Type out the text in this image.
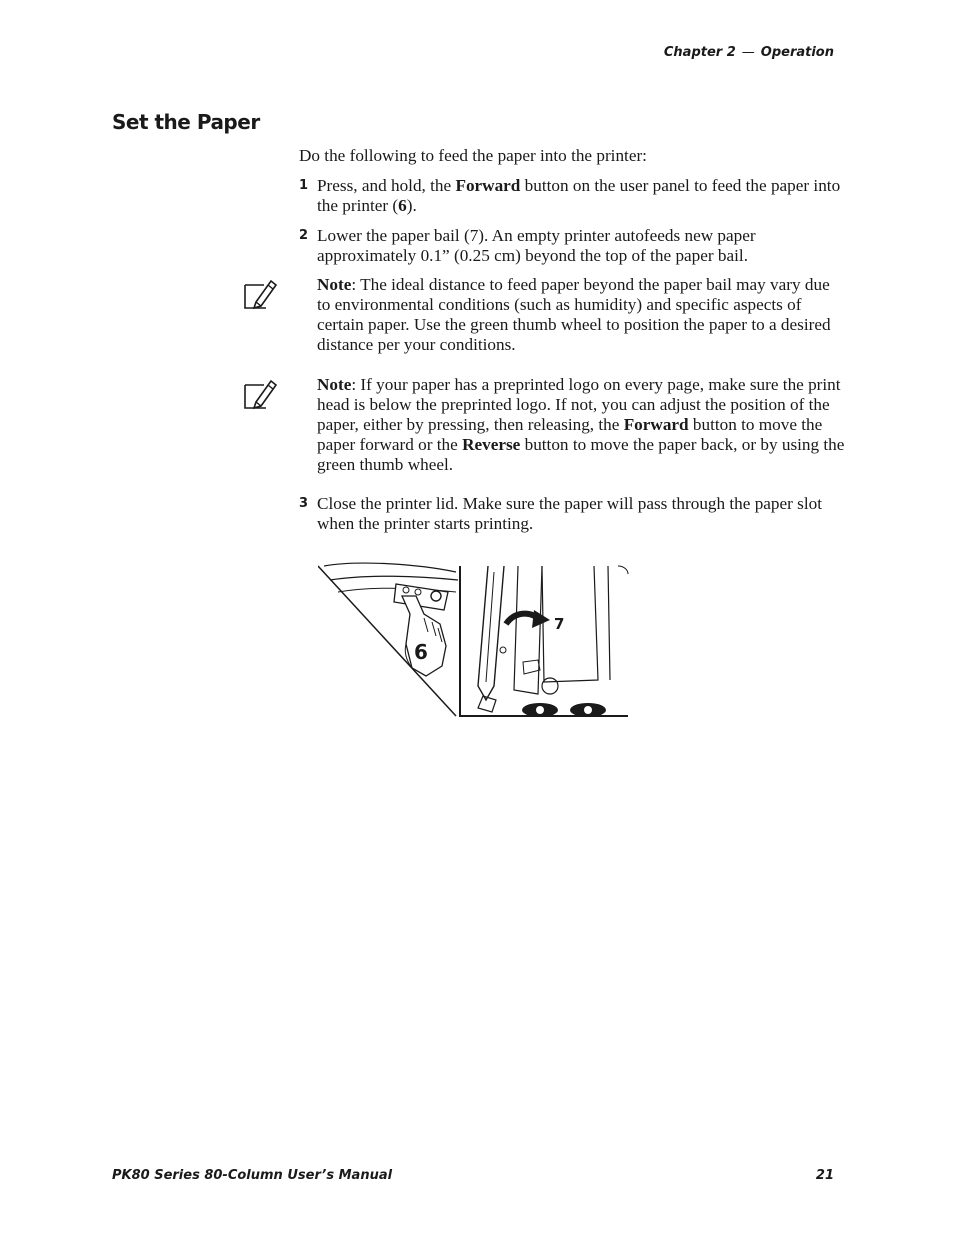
Chapter 2 — Operation
Set the Paper
Do the following to feed the paper into the printer:
1 Press, and hold, the Forward button on the user panel to feed the paper into the printer (6).
2 Lower the paper bail (7). An empty printer autofeeds new paper approximately 0.1” (0.25 cm) beyond the top of the paper bail.
Note: The ideal distance to feed paper beyond the paper bail may vary due to environmental conditions (such as humidity) and specific aspects of certain paper. Use the green thumb wheel to position the paper to a desired distance per your conditions.
Note: If your paper has a preprinted logo on every page, make sure the print head is below the preprinted logo. If not, you can adjust the position of the paper, either by pressing, then releasing, the Forward button to move the paper forward or the Reverse button to move the paper back, or by using the green thumb wheel.
3 Close the printer lid. Make sure the paper will pass through the paper slot when the printer starts printing.
6
7
PK80 Series 80-Column User’s Manual	21
